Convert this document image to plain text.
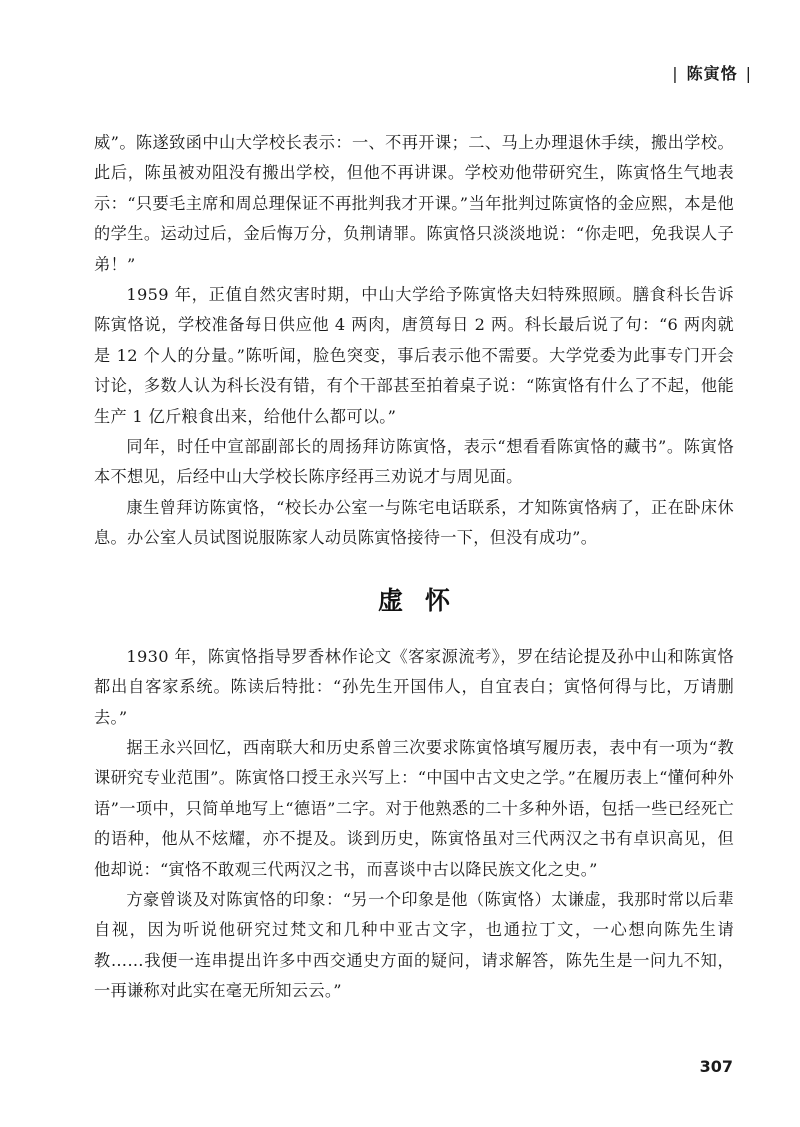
| 陈寅恪 |

威”。陈遂致函中山大学校长表示：一、不再开课；二、马上办理退休手续，搬出学校。此后，陈虽被劝阻没有搬出学校，但他不再讲课。学校劝他带研究生，陈寅恪生气地表示：“只要毛主席和周总理保证不再批判我才开课。”当年批判过陈寅恪的金应熙，本是他的学生。运动过后，金后悔万分，负荆请罪。陈寅恪只淡淡地说：“你走吧，免我误人子弟！”

1959 年，正值自然灾害时期，中山大学给予陈寅恪夫妇特殊照顾。膳食科长告诉陈寅恪说，学校准备每日供应他 4 两肉，唐筼每日 2 两。科长最后说了句：“6 两肉就是 12 个人的分量。”陈听闻，脸色突变，事后表示他不需要。大学党委为此事专门开会讨论，多数人认为科长没有错，有个干部甚至拍着桌子说：“陈寅恪有什么了不起，他能生产 1 亿斤粮食出来，给他什么都可以。”

同年，时任中宣部副部长的周扬拜访陈寅恪，表示“想看看陈寅恪的藏书”。陈寅恪本不想见，后经中山大学校长陈序经再三劝说才与周见面。

康生曾拜访陈寅恪，“校长办公室一与陈宅电话联系，才知陈寅恪病了，正在卧床休息。办公室人员试图说服陈家人动员陈寅恪接待一下，但没有成功”。

虚怀

1930 年，陈寅恪指导罗香林作论文《客家源流考》，罗在结论提及孙中山和陈寅恪都出自客家系统。陈读后特批：“孙先生开国伟人，自宜表白；寅恪何得与比，万请删去。”

据王永兴回忆，西南联大和历史系曾三次要求陈寅恪填写履历表，表中有一项为“教课研究专业范围”。陈寅恪口授王永兴写上：“中国中古文史之学。”在履历表上“懂何种外语”一项中，只简单地写上“德语”二字。对于他熟悉的二十多种外语，包括一些已经死亡的语种，他从不炫耀，亦不提及。谈到历史，陈寅恪虽对三代两汉之书有卓识高见，但他却说：“寅恪不敢观三代两汉之书，而喜谈中古以降民族文化之史。”

方豪曾谈及对陈寅恪的印象：“另一个印象是他（陈寅恪）太谦虚，我那时常以后辈自视，因为听说他研究过梵文和几种中亚古文字，也通拉丁文，一心想向陈先生请教……我便一连串提出许多中西交通史方面的疑问，请求解答，陈先生是一问九不知，一再谦称对此实在毫无所知云云。”

307
